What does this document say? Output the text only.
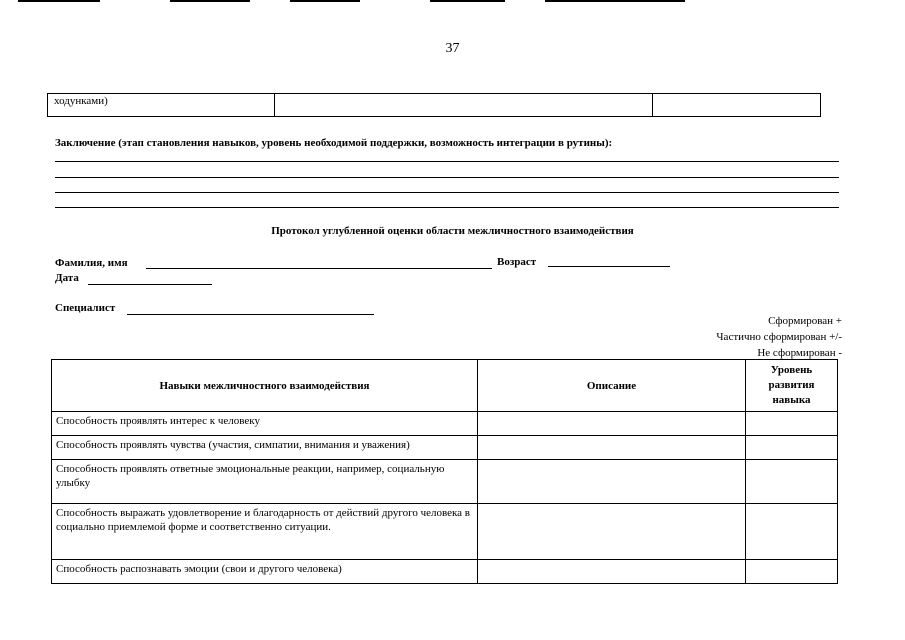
37
ходунками)
Заключение (этап становления навыков, уровень необходимой поддержки, возможность интеграции в рутины):
Протокол углубленной оценки области межличностного взаимодействия
Фамилия, имя	Возраст
Дата
Специалист
Сформирован +
Частично сформирован +/-
Не сформирован -
Навыки межличностного взаимодействия	Описание	Уровень развития навыка
Способность проявлять интерес к человеку		
Способность проявлять чувства (участия, симпатии, внимания и уважения)		
Способность проявлять ответные эмоциональные реакции, например, социальную улыбку		
Способность выражать удовлетворение и благодарность от действий другого человека в социально приемлемой форме и соответственно ситуации.		
Способность распознавать эмоции (свои и другого человека)		
